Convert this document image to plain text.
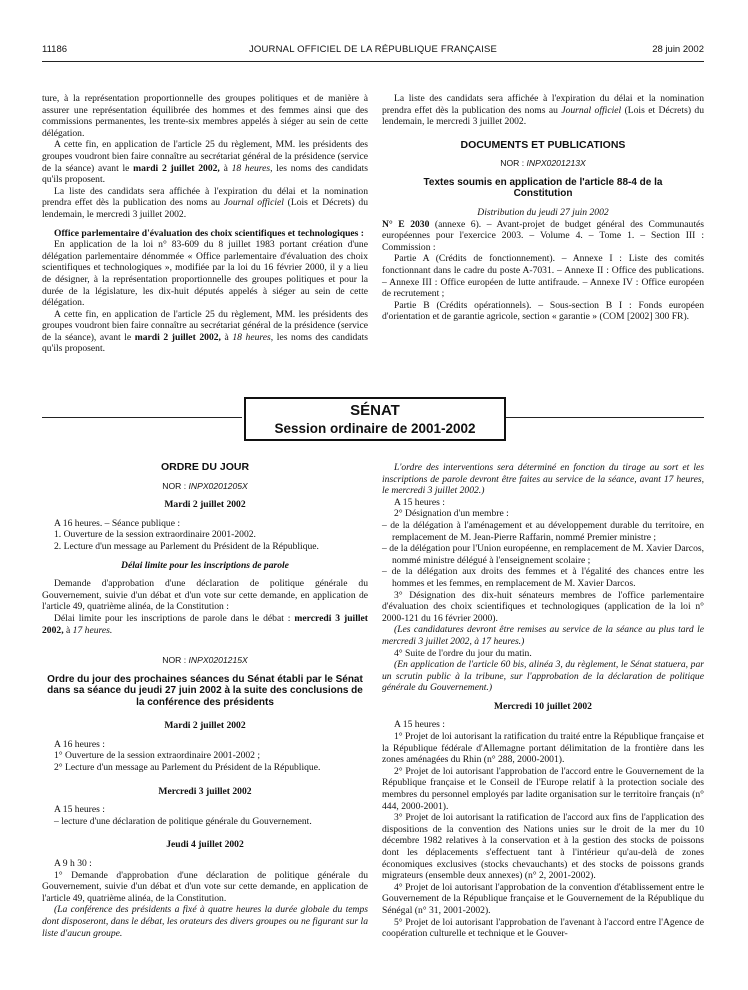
11186	JOURNAL OFFICIEL DE LA RÉPUBLIQUE FRANÇAISE	28 juin 2002

ture, à la représentation proportionnelle des groupes politiques et de manière à assurer une représentation équilibrée des hommes et des femmes ainsi que des commissions permanentes, les trente-six membres appelés à siéger au sein de cette délégation.

A cette fin, en application de l'article 25 du règlement, MM. les présidents des groupes voudront bien faire connaître au secrétariat général de la présidence (service de la séance) avant le mardi 2 juillet 2002, à 18 heures, les noms des candidats qu'ils proposent.

La liste des candidats sera affichée à l'expiration du délai et la nomination prendra effet dès la publication des noms au Journal officiel (Lois et Décrets) du lendemain, le mercredi 3 juillet 2002.

Office parlementaire d'évaluation des choix scientifiques et technologiques :

En application de la loi n° 83-609 du 8 juillet 1983 portant création d'une délégation parlementaire dénommée « Office parlementaire d'évaluation des choix scientifiques et technologiques », modifiée par la loi du 16 février 2000, il y a lieu de désigner, à la représentation proportionnelle des groupes politiques et pour la durée de la législature, les dix-huit députés appelés à siéger au sein de cette délégation.

A cette fin, en application de l'article 25 du règlement, MM. les présidents des groupes voudront bien faire connaître au secrétariat général de la présidence (service de la séance), avant le mardi 2 juillet 2002, à 18 heures, les noms des candidats qu'ils proposent.

La liste des candidats sera affichée à l'expiration du délai et la nomination prendra effet dès la publication des noms au Journal officiel (Lois et Décrets) du lendemain, le mercredi 3 juillet 2002.

DOCUMENTS ET PUBLICATIONS

NOR : INPX0201213X

Textes soumis en application de l'article 88-4 de la Constitution

Distribution du jeudi 27 juin 2002

N° E 2030 (annexe 6). – Avant-projet de budget général des Communautés européennes pour l'exercice 2003. – Volume 4. – Tome 1. – Section III : Commission :

Partie A (Crédits de fonctionnement). – Annexe I : Liste des comités fonctionnant dans le cadre du poste A-7031. – Annexe II : Office des publications. – Annexe III : Office européen de lutte antifraude. – Annexe IV : Office européen de recrutement ;

Partie B (Crédits opérationnels). – Sous-section B I : Fonds européen d'orientation et de garantie agricole, section « garantie » (COM [2002] 300 FR).

SÉNAT
Session ordinaire de 2001-2002

ORDRE DU JOUR

NOR : INPX0201205X

Mardi 2 juillet 2002

A 16 heures. – Séance publique :

1. Ouverture de la session extraordinaire 2001-2002.

2. Lecture d'un message au Parlement du Président de la République.

Délai limite pour les inscriptions de parole

Demande d'approbation d'une déclaration de politique générale du Gouvernement, suivie d'un débat et d'un vote sur cette demande, en application de l'article 49, quatrième alinéa, de la Constitution :

Délai limite pour les inscriptions de parole dans le débat : mercredi 3 juillet 2002, à 17 heures.

NOR : INPX0201215X

Ordre du jour des prochaines séances du Sénat établi par le Sénat dans sa séance du jeudi 27 juin 2002 à la suite des conclusions de la conférence des présidents

Mardi 2 juillet 2002

A 16 heures :

1° Ouverture de la session extraordinaire 2001-2002 ;

2° Lecture d'un message au Parlement du Président de la République.

Mercredi 3 juillet 2002

A 15 heures :

– lecture d'une déclaration de politique générale du Gouvernement.

Jeudi 4 juillet 2002

A 9 h 30 :

1° Demande d'approbation d'une déclaration de politique générale du Gouvernement, suivie d'un débat et d'un vote sur cette demande, en application de l'article 49, quatrième alinéa, de la Constitution.

(La conférence des présidents a fixé à quatre heures la durée globale du temps dont disposeront, dans le débat, les orateurs des divers groupes ou ne figurant sur la liste d'aucun groupe.

L'ordre des interventions sera déterminé en fonction du tirage au sort et les inscriptions de parole devront être faites au service de la séance, avant 17 heures, le mercredi 3 juillet 2002.)

A 15 heures :

2° Désignation d'un membre :

– de la délégation à l'aménagement et au développement durable du territoire, en remplacement de M. Jean-Pierre Raffarin, nommé Premier ministre ;

– de la délégation pour l'Union européenne, en remplacement de M. Xavier Darcos, nommé ministre délégué à l'enseignement scolaire ;

– de la délégation aux droits des femmes et à l'égalité des chances entre les hommes et les femmes, en remplacement de M. Xavier Darcos.

3° Désignation des dix-huit sénateurs membres de l'office parlementaire d'évaluation des choix scientifiques et technologiques (application de la loi n° 2000-121 du 16 février 2000).

(Les candidatures devront être remises au service de la séance au plus tard le mercredi 3 juillet 2002, à 17 heures.)

4° Suite de l'ordre du jour du matin.

(En application de l'article 60 bis, alinéa 3, du règlement, le Sénat statuera, par un scrutin public à la tribune, sur l'approbation de la déclaration de politique générale du Gouvernement.)

Mercredi 10 juillet 2002

A 15 heures :

1° Projet de loi autorisant la ratification du traité entre la République française et la République fédérale d'Allemagne portant délimitation de la frontière dans les zones aménagées du Rhin (n° 288, 2000-2001).

2° Projet de loi autorisant l'approbation de l'accord entre le Gouvernement de la République française et le Conseil de l'Europe relatif à la protection sociale des membres du personnel employés par ladite organisation sur le territoire français (n° 444, 2000-2001).

3° Projet de loi autorisant la ratification de l'accord aux fins de l'application des dispositions de la convention des Nations unies sur le droit de la mer du 10 décembre 1982 relatives à la conservation et à la gestion des stocks de poissons dont les déplacements s'effectuent tant à l'intérieur qu'au-delà de zones économiques exclusives (stocks chevauchants) et des stocks de poissons grands migrateurs (ensemble deux annexes) (n° 2, 2001-2002).

4° Projet de loi autorisant l'approbation de la convention d'établissement entre le Gouvernement de la République française et le Gouvernement de la République du Sénégal (n° 31, 2001-2002).

5° Projet de loi autorisant l'approbation de l'avenant à l'accord entre l'Agence de coopération culturelle et technique et le Gouver-
